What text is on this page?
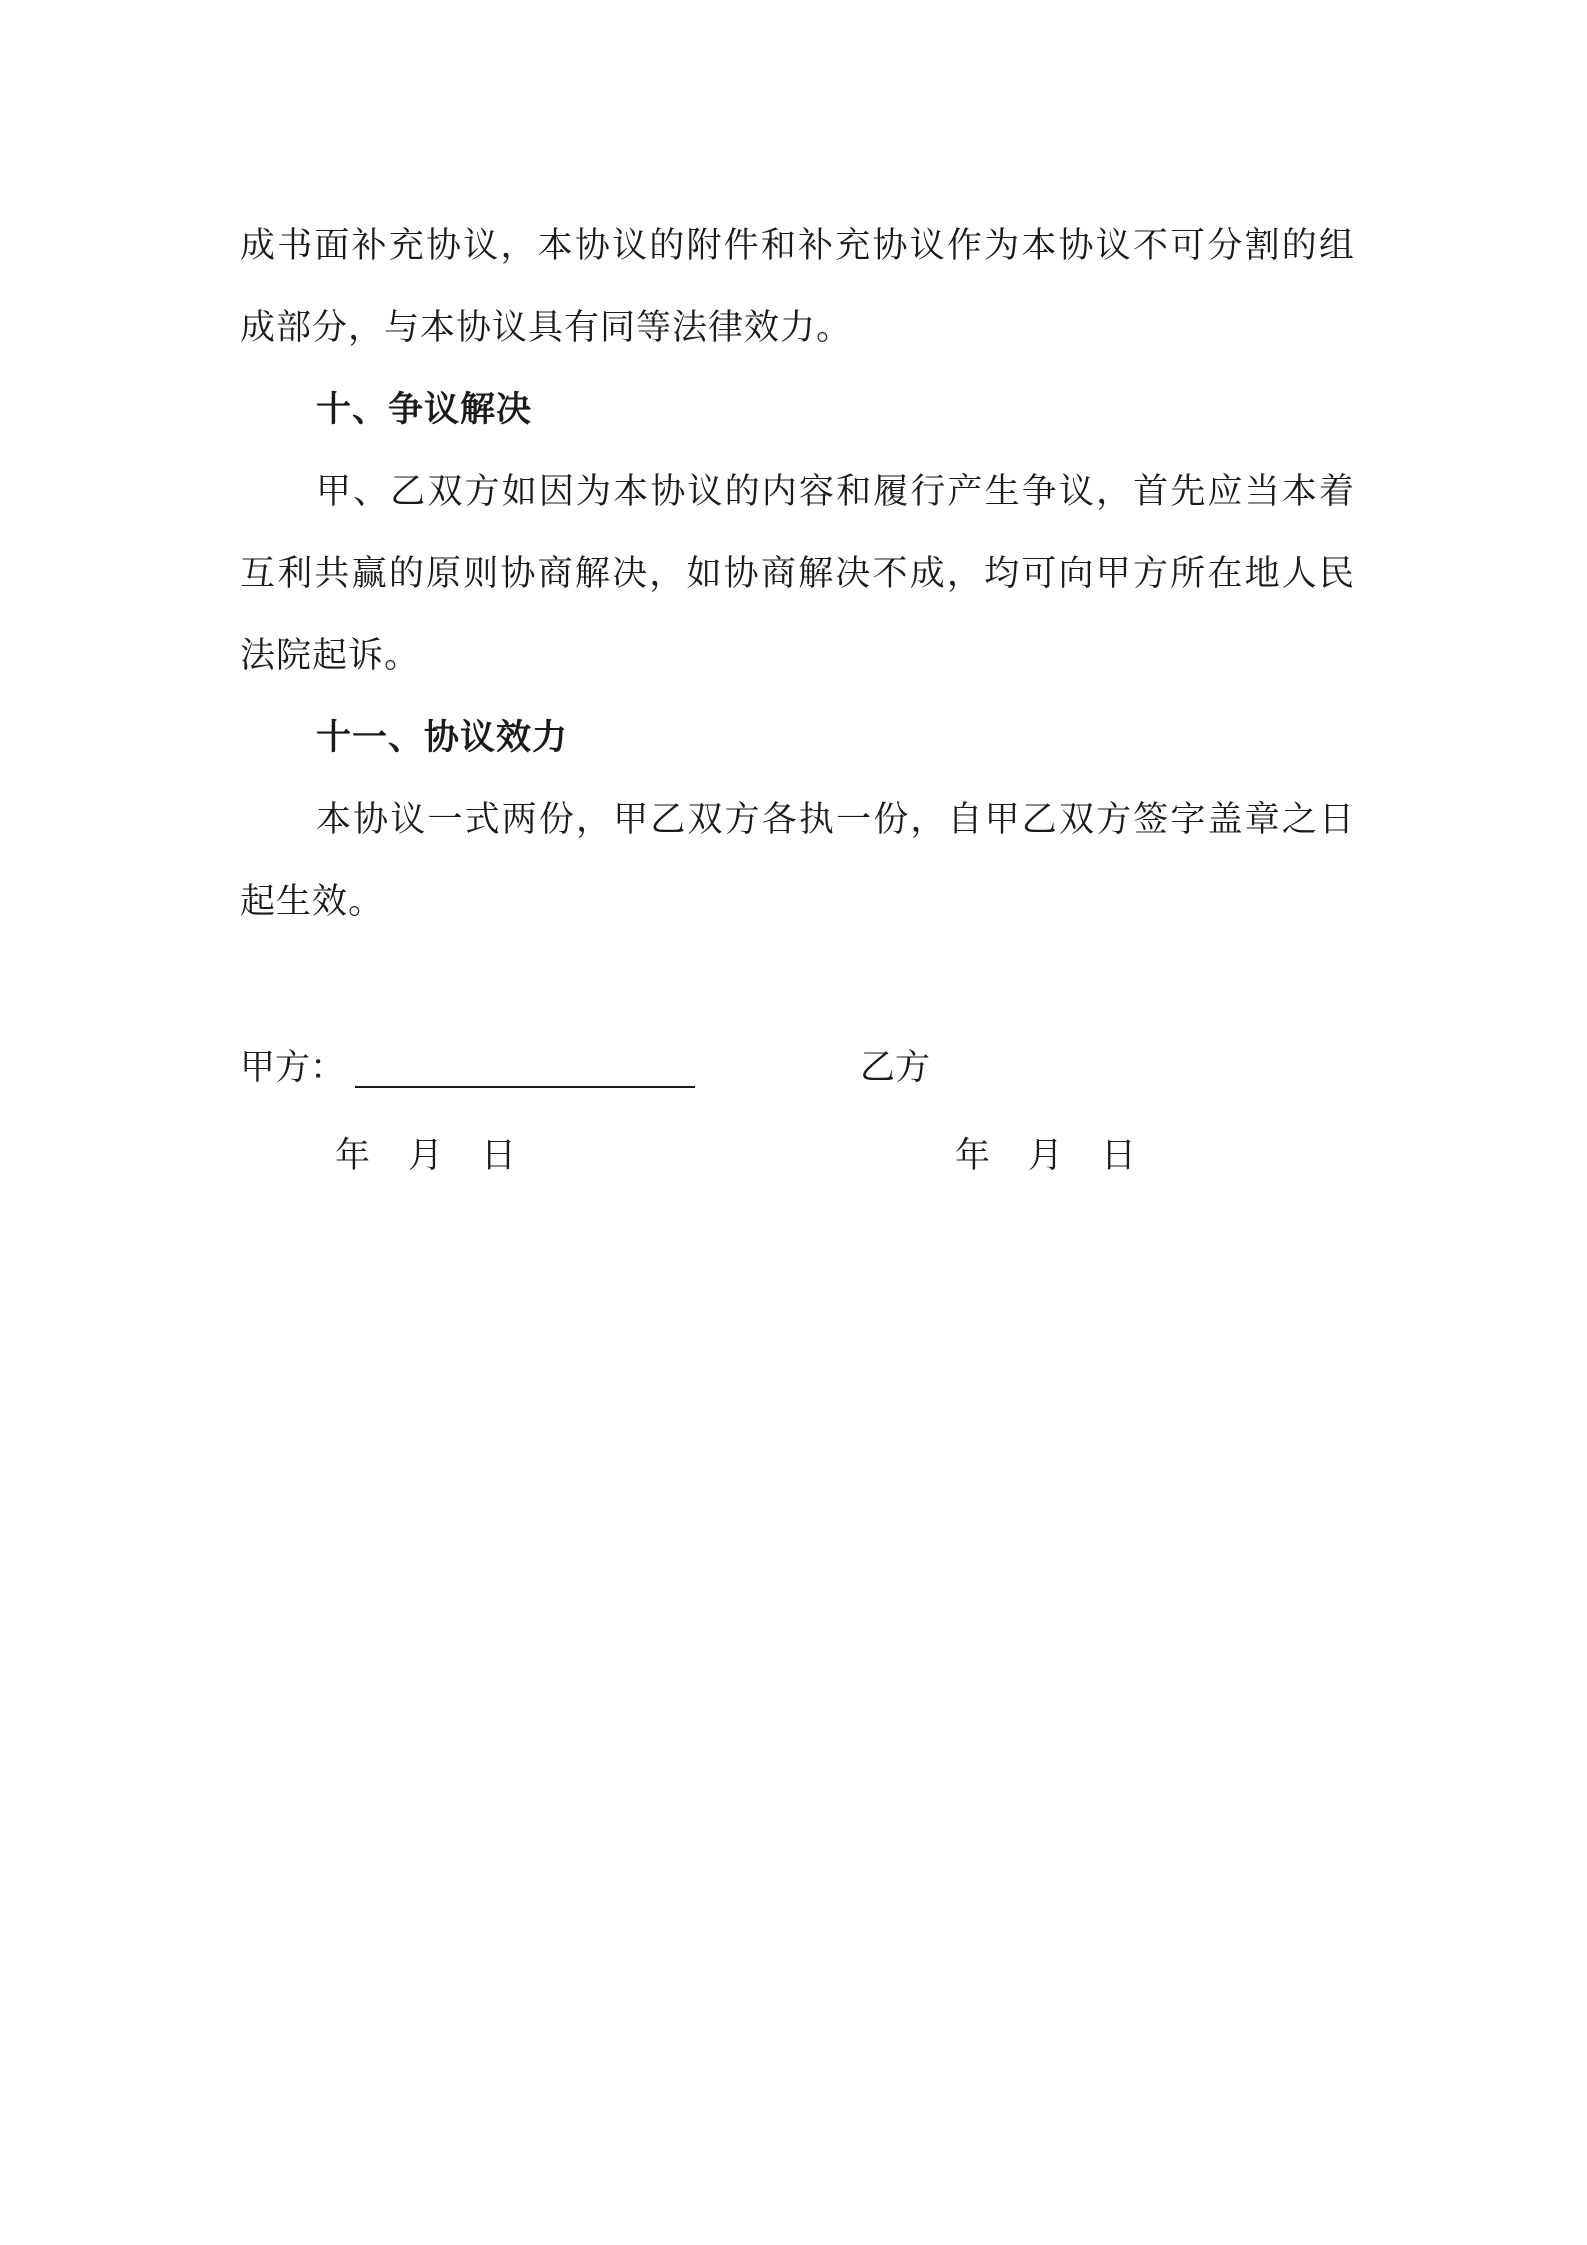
成书面补充协议，本协议的附件和补充协议作为本协议不可分割的组成部分，与本协议具有同等法律效力。

十、争议解决

甲、乙双方如因为本协议的内容和履行产生争议，首先应当本着互利共赢的原则协商解决，如协商解决不成，均可向甲方所在地人民法院起诉。

十一、协议效力

本协议一式两份，甲乙双方各执一份，自甲乙双方签字盖章之日起生效。

甲方：	乙方
年 月 日	年 月 日
